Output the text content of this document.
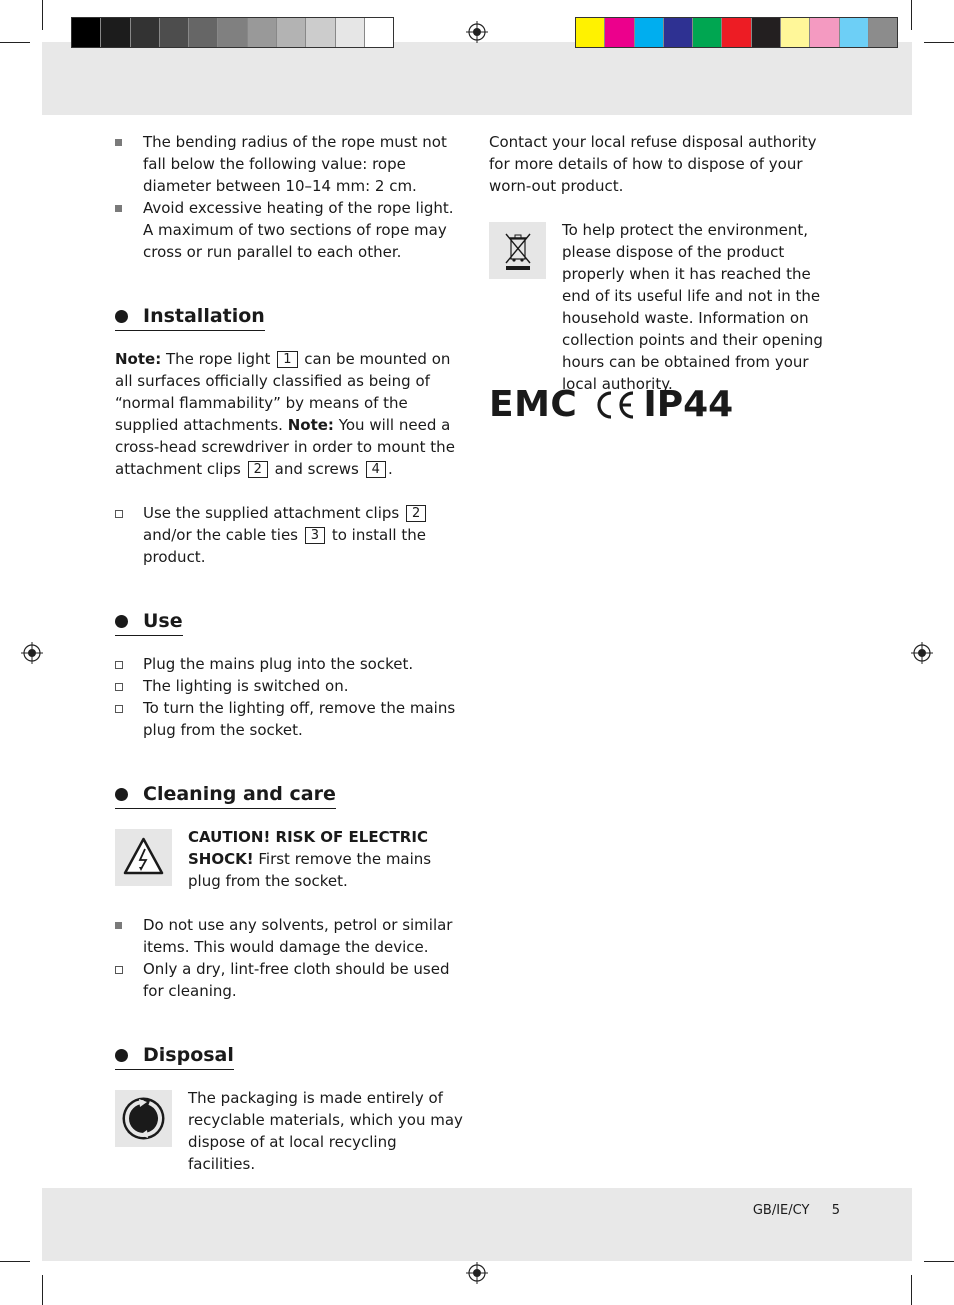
The bending radius of the rope must not fall below the following value: rope diameter between 10–14 mm: 2 cm.

Avoid excessive heating of the rope light. A maximum of two sections of rope may cross or run parallel to each other.

Installation

Note: The rope light 1 can be mounted on all surfaces officially classified as being of “normal flammability” by means of the supplied attachments. Note: You will need a cross-head screwdriver in order to mount the attachment clips 2 and screws 4 .

Use the supplied attachment clips 2 and/or the cable ties 3 to install the product.

Use

Plug the mains plug into the socket.

The lighting is switched on.

To turn the lighting off, remove the mains plug from the socket.

Cleaning and care

CAUTION! RISK OF ELECTRIC SHOCK! First remove the mains plug from the socket.

Do not use any solvents, petrol or similar items. This would damage the device.

Only a dry, lint-free cloth should be used for cleaning.

Disposal

The packaging is made entirely of recyclable materials, which you may dispose of at local recycling facilities.

Contact your local refuse disposal authority for more details of how to dispose of your worn-out product.

To help protect the environment, please dispose of the product properly when it has reached the end of its useful life and not in the household waste. Information on collection points and their opening hours can be obtained from your local authority.

EMC IP44
GB/IE/CY 5
